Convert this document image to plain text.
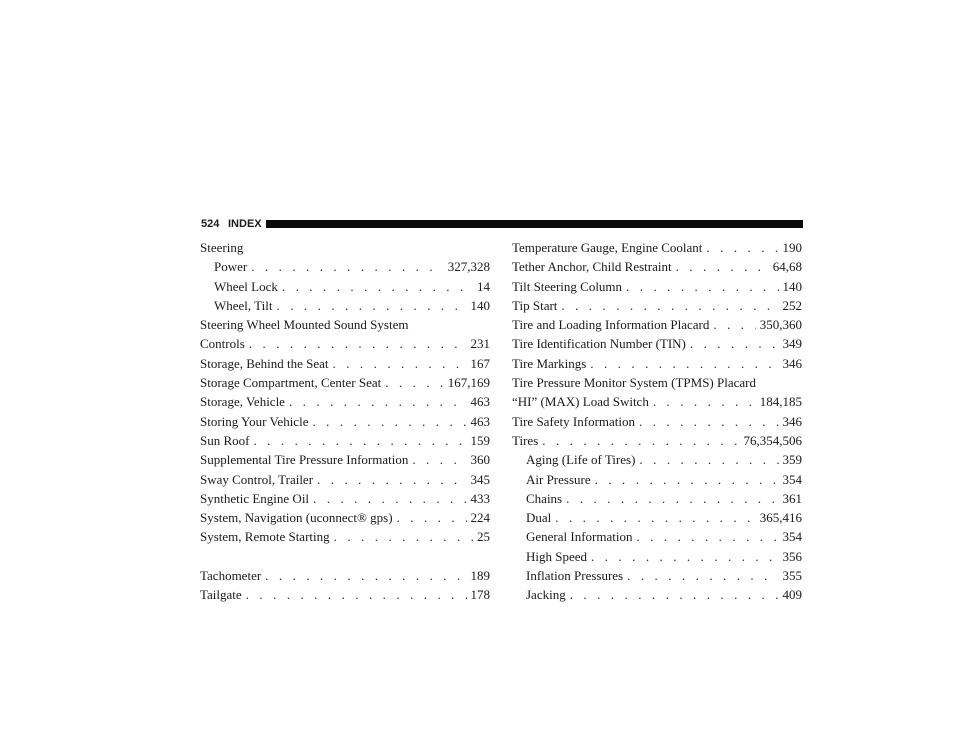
524 INDEX
Steering
Power . . .	327,328
Wheel Lock . . .	14
Wheel, Tilt . . .	140
Steering Wheel Mounted Sound System
Controls . . .	231
Storage, Behind the Seat . . .	167
Storage Compartment, Center Seat . . .	167,169
Storage, Vehicle . . .	463
Storing Your Vehicle . . .	463
Sun Roof . . .	159
Supplemental Tire Pressure Information . . .	360
Sway Control, Trailer . . .	345
Synthetic Engine Oil . . .	433
System, Navigation (uconnect® gps) . . .	224
System, Remote Starting . . .	25
Tachometer . . .	189
Tailgate . . .	178
Temperature Gauge, Engine Coolant . . .	190
Tether Anchor, Child Restraint . . .	64,68
Tilt Steering Column . . .	140
Tip Start . . .	252
Tire and Loading Information Placard . . .	350,360
Tire Identification Number (TIN) . . .	349
Tire Markings . . .	346
Tire Pressure Monitor System (TPMS) Placard
“HI” (MAX) Load Switch . . .	184,185
Tire Safety Information . . .	346
Tires . . .	76,354,506
Aging (Life of Tires) . . .	359
Air Pressure . . .	354
Chains . . .	361
Dual . . .	365,416
General Information . . .	354
High Speed . . .	356
Inflation Pressures . . .	355
Jacking . . .	409
